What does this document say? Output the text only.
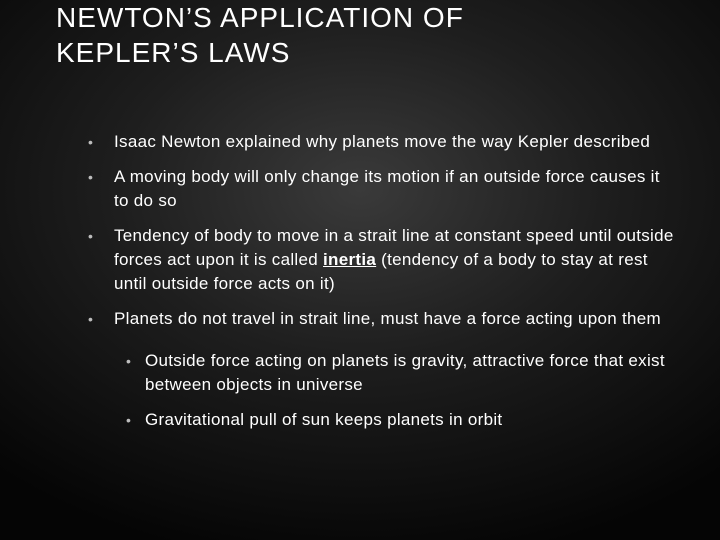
NEWTON’S APPLICATION OF
KEPLER’S LAWS
• Isaac Newton explained why planets move the way Kepler described
• A moving body will only change its motion if an outside force causes it to do so
• Tendency of body to move in a strait line at constant speed until outside forces act upon it is called inertia (tendency of a body to stay at rest until outside force acts on it)
• Planets do not travel in strait line, must have a force acting upon them
• Outside force acting on planets is gravity, attractive force that exist between objects in universe
• Gravitational pull of sun keeps planets in orbit
